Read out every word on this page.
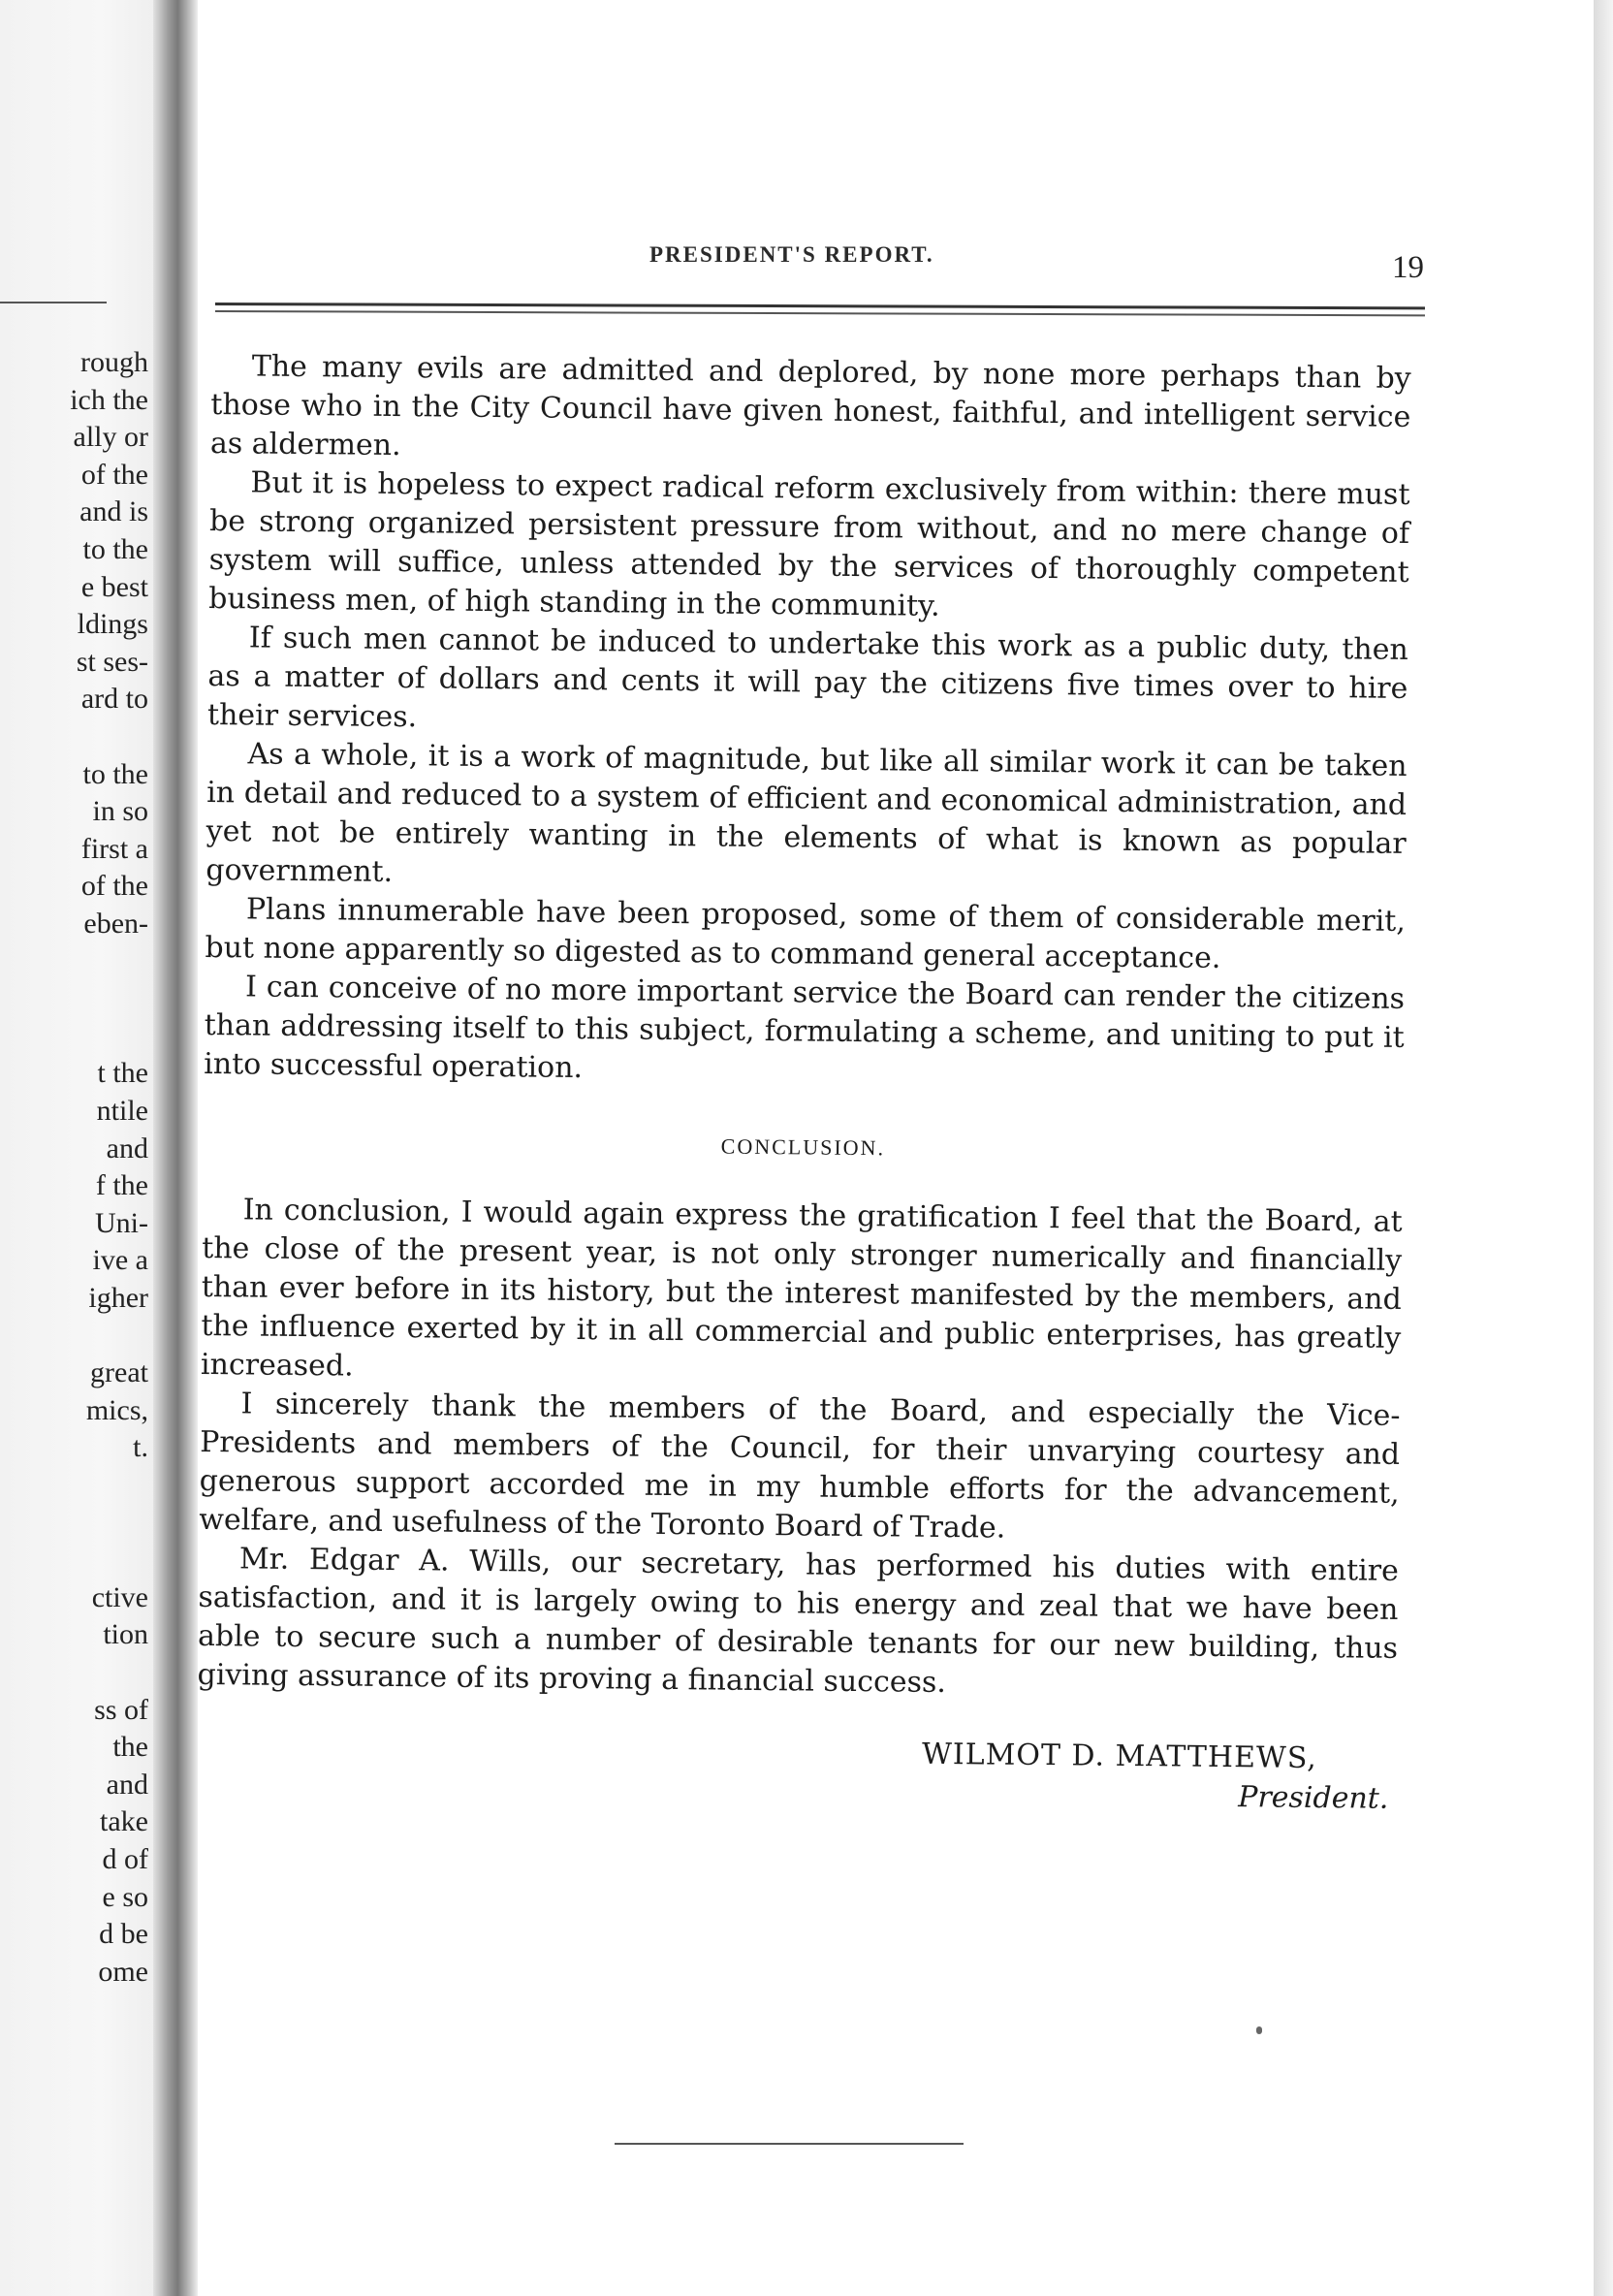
rough
ich the
ally or
of the
and is
to the
e best
ldings
st ses-
ard to
to the
in so
first a
of the
eben-
t the
ntile
and
f the
Uni-
ive a
igher
great
mics,
t.
ctive
tion
ss of
the
and
take
d of
e so
d be
ome
PRESIDENT'S REPORT.	19

The many evils are admitted and deplored, by none more perhaps than by those who in the City Council have given honest, faithful, and intelligent service as aldermen.

But it is hopeless to expect radical reform exclusively from within: there must be strong organized persistent pressure from without, and no mere change of system will suffice, unless attended by the services of thoroughly competent business men, of high standing in the community.

If such men cannot be induced to undertake this work as a public duty, then as a matter of dollars and cents it will pay the citizens five times over to hire their services.

As a whole, it is a work of magnitude, but like all similar work it can be taken in detail and reduced to a system of efficient and economical administration, and yet not be entirely wanting in the elements of what is known as popular government.

Plans innumerable have been proposed, some of them of considerable merit, but none apparently so digested as to command general acceptance.

I can conceive of no more important service the Board can render the citizens than addressing itself to this subject, formulating a scheme, and uniting to put it into successful operation.

CONCLUSION.

In conclusion, I would again express the gratification I feel that the Board, at the close of the present year, is not only stronger numerically and financially than ever before in its history, but the interest manifested by the members, and the influence exerted by it in all commercial and public enterprises, has greatly increased.

I sincerely thank the members of the Board, and especially the Vice-Presidents and members of the Council, for their unvarying courtesy and generous support accorded me in my humble efforts for the advancement, welfare, and usefulness of the Toronto Board of Trade.

Mr. Edgar A. Wills, our secretary, has performed his duties with entire satisfaction, and it is largely owing to his energy and zeal that we have been able to secure such a number of desirable tenants for our new building, thus giving assurance of its proving a financial success.

WILMOT D. MATTHEWS,
President.
